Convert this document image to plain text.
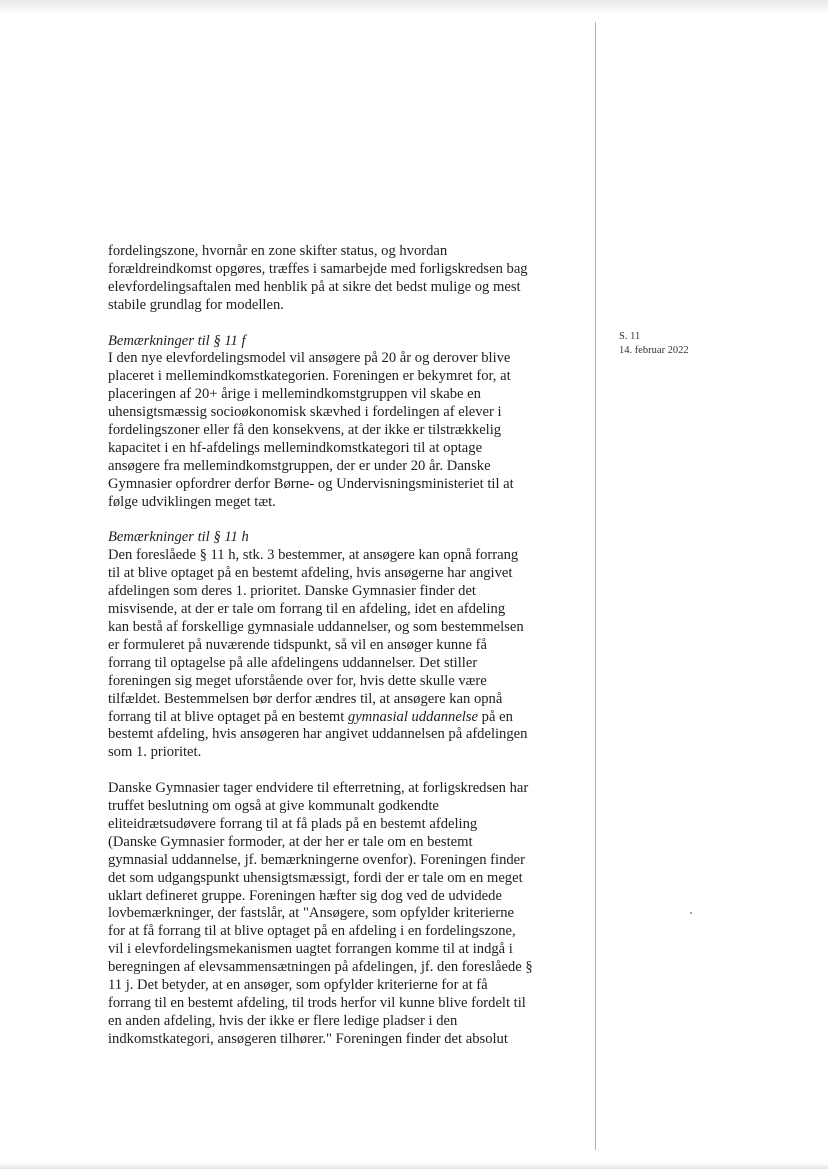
S. 11
14. februar 2022
fordelingszone, hvornår en zone skifter status, og hvordan
forældreindkomst opgøres, træffes i samarbejde med forligskredsen bag
elevfordelingsaftalen med henblik på at sikre det bedst mulige og mest
stabile grundlag for modellen.
Bemærkninger til § 11 f
I den nye elevfordelingsmodel vil ansøgere på 20 år og derover blive
placeret i mellemindkomstkategorien. Foreningen er bekymret for, at
placeringen af 20+ årige i mellemindkomstgruppen vil skabe en
uhensigtsmæssig socioøkonomisk skævhed i fordelingen af elever i
fordelingszoner eller få den konsekvens, at der ikke er tilstrækkelig
kapacitet i en hf-afdelings mellemindkomstkategori til at optage
ansøgere fra mellemindkomstgruppen, der er under 20 år. Danske
Gymnasier opfordrer derfor Børne- og Undervisningsministeriet til at
følge udviklingen meget tæt.
Bemærkninger til § 11 h
Den foreslåede § 11 h, stk. 3 bestemmer, at ansøgere kan opnå forrang
til at blive optaget på en bestemt afdeling, hvis ansøgerne har angivet
afdelingen som deres 1. prioritet. Danske Gymnasier finder det
misvisende, at der er tale om forrang til en afdeling, idet en afdeling
kan bestå af forskellige gymnasiale uddannelser, og som bestemmelsen
er formuleret på nuværende tidspunkt, så vil en ansøger kunne få
forrang til optagelse på alle afdelingens uddannelser. Det stiller
foreningen sig meget uforstående over for, hvis dette skulle være
tilfældet. Bestemmelsen bør derfor ændres til, at ansøgere kan opnå
forrang til at blive optaget på en bestemt gymnasial uddannelse på en
bestemt afdeling, hvis ansøgeren har angivet uddannelsen på afdelingen
som 1. prioritet.
Danske Gymnasier tager endvidere til efterretning, at forligskredsen har
truffet beslutning om også at give kommunalt godkendte
eliteidrætsudøvere forrang til at få plads på en bestemt afdeling
(Danske Gymnasier formoder, at der her er tale om en bestemt
gymnasial uddannelse, jf. bemærkningerne ovenfor). Foreningen finder
det som udgangspunkt uhensigtsmæssigt, fordi der er tale om en meget
uklart defineret gruppe. Foreningen hæfter sig dog ved de udvidede
lovbemærkninger, der fastslår, at "Ansøgere, som opfylder kriterierne
for at få forrang til at blive optaget på en afdeling i en fordelingszone,
vil i elevfordelingsmekanismen uagtet forrangen komme til at indgå i
beregningen af elevsammensætningen på afdelingen, jf. den foreslåede §
11 j. Det betyder, at en ansøger, som opfylder kriterierne for at få
forrang til en bestemt afdeling, til trods herfor vil kunne blive fordelt til
en anden afdeling, hvis der ikke er flere ledige pladser i den
indkomstkategori, ansøgeren tilhører." Foreningen finder det absolut
